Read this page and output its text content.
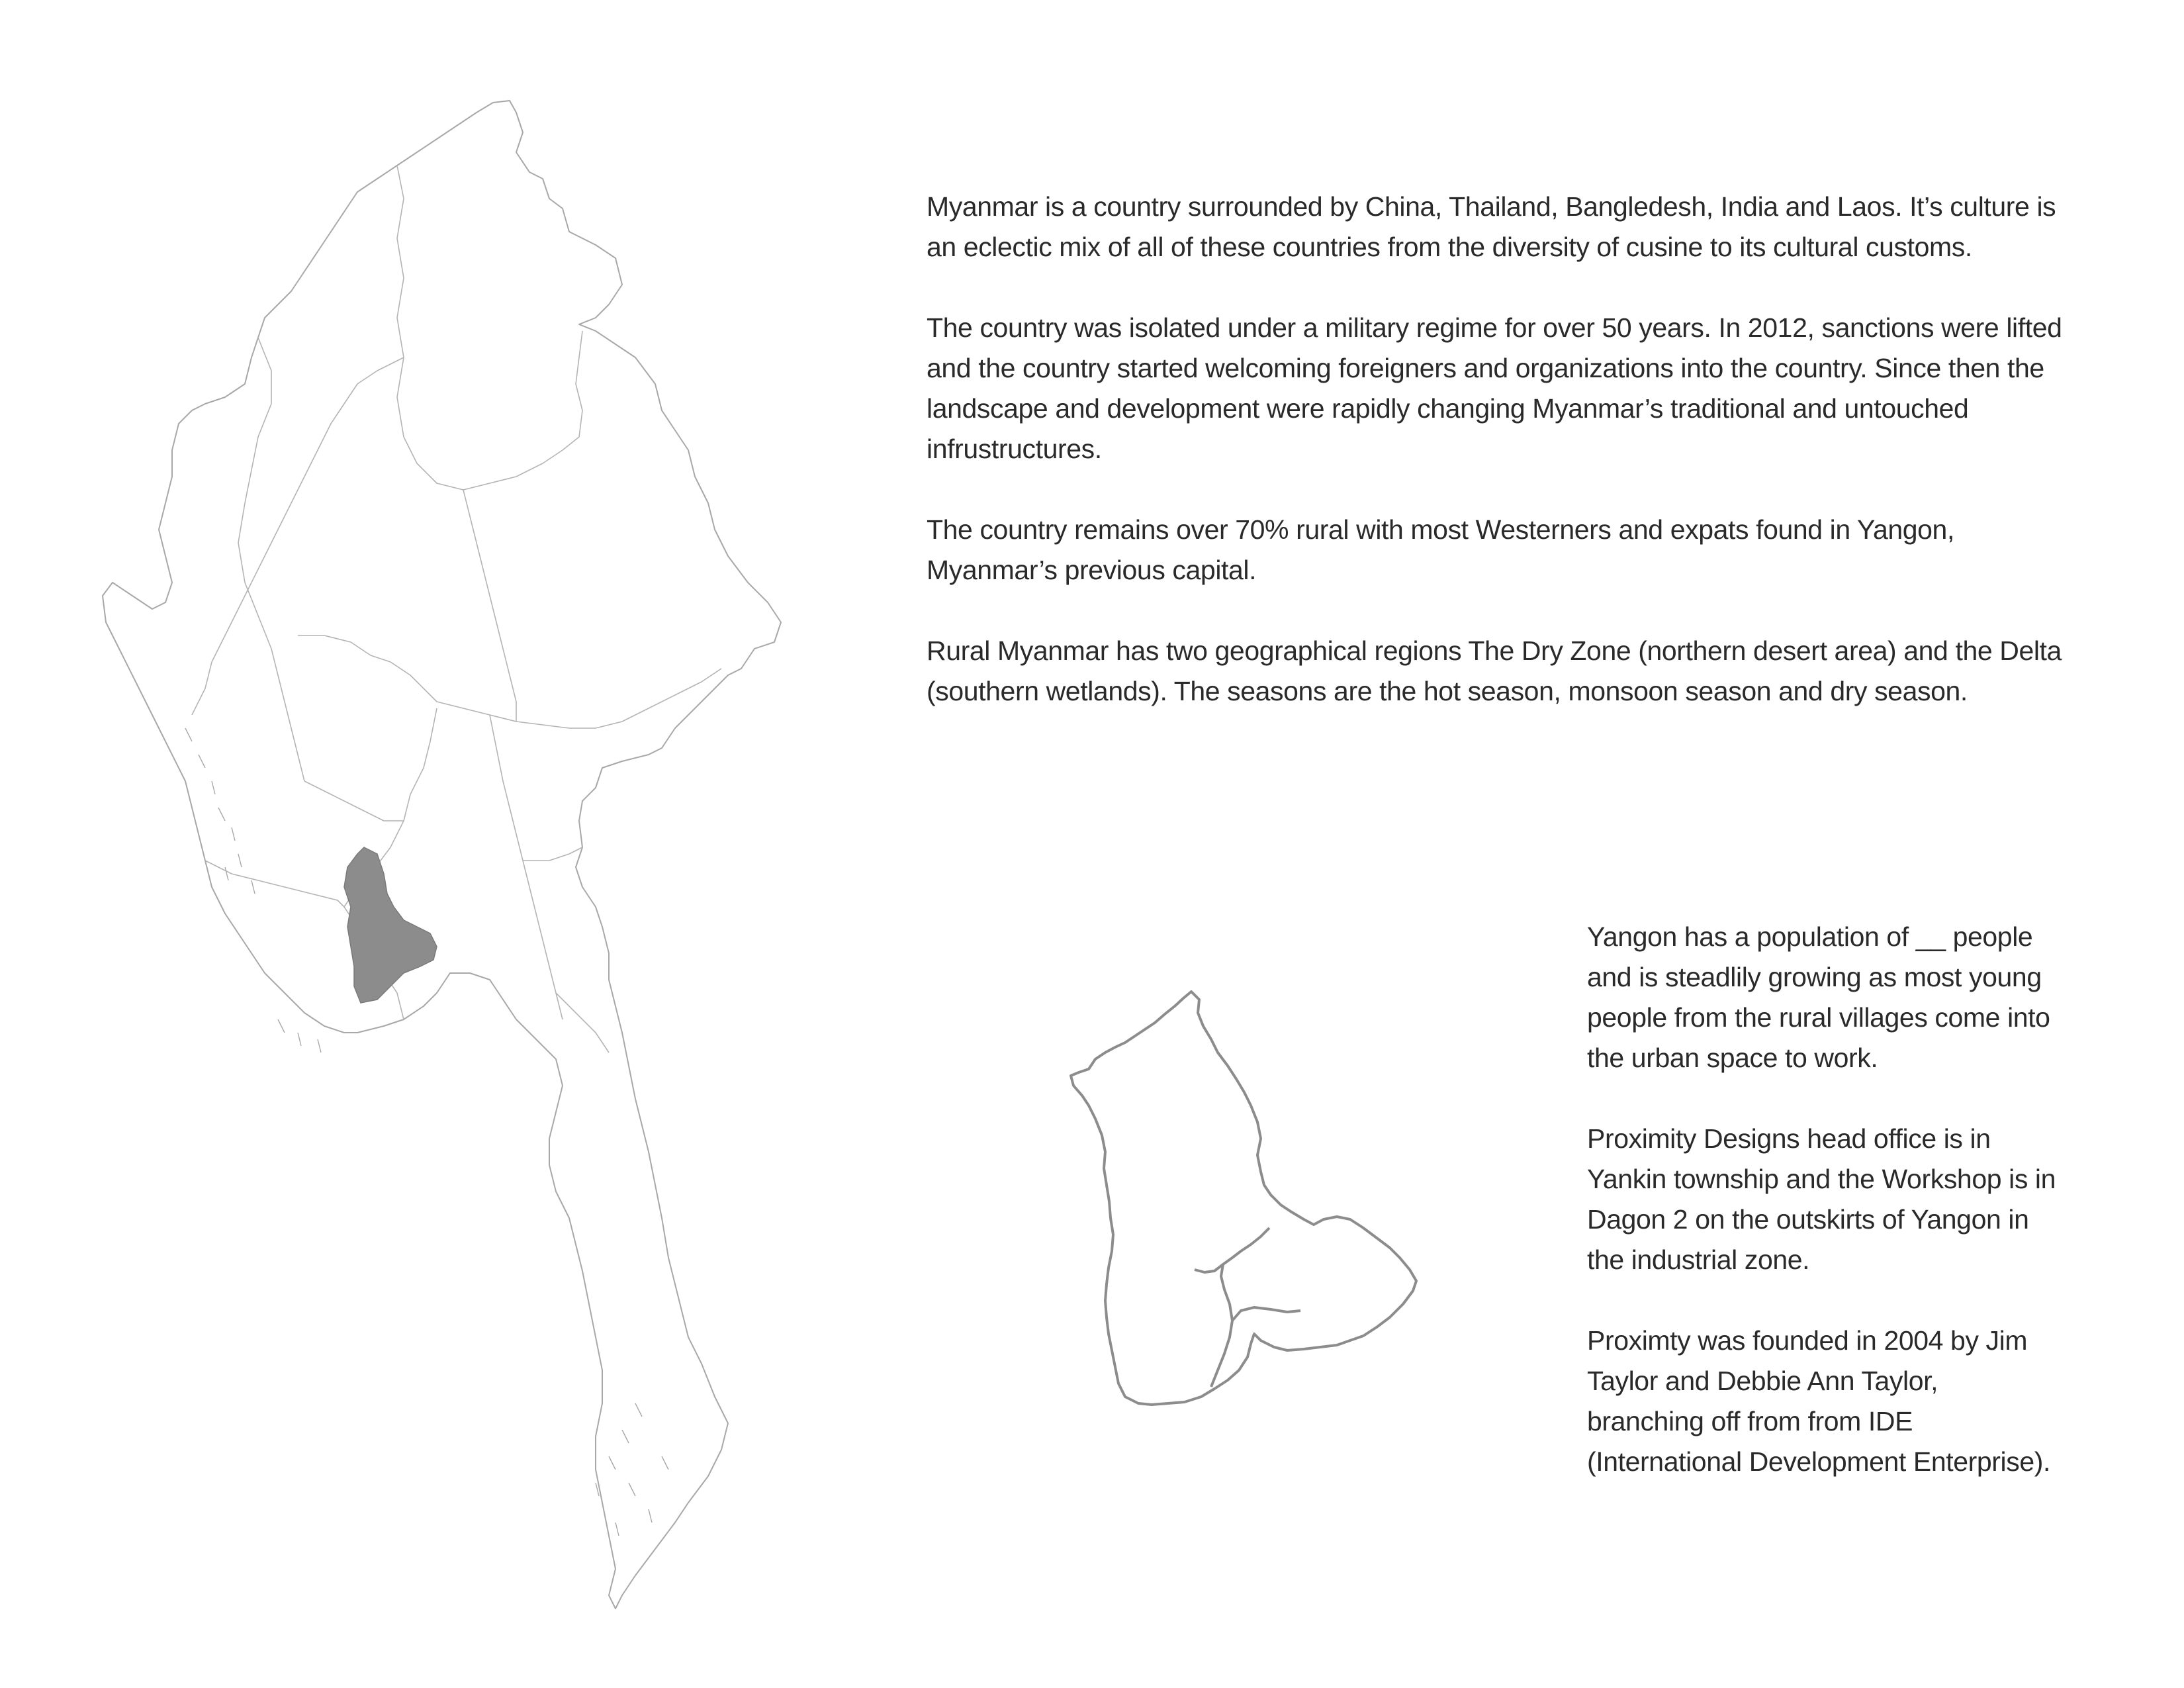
Myanmar is a country surrounded by China, Thailand, Bangledesh, India and Laos. It’s culture is an eclectic mix of all of these countries from the diversity of cusine to its cultural customs.

The country was isolated under a military regime for over 50 years. In 2012, sanctions were lifted and the country started welcoming foreigners and organizations into the country. Since then the landscape and development were rapidly changing Myanmar’s traditional and untouched infrustructures.

The country remains over 70% rural with most Westerners and expats found in Yangon, Myanmar’s previous capital.

Rural Myanmar has two geographical regions The Dry Zone (northern desert area) and the Delta (southern wetlands). The seasons are the hot season, monsoon season and dry season.

Yangon has a population of __ people and is steadlily growing as most young people from the rural villages come into the urban space to work.

Proximity Designs head office is in Yankin township and the Workshop is in Dagon 2 on the outskirts of Yangon in the industrial zone.

Proximty was founded in 2004 by Jim Taylor and Debbie Ann Taylor, branching off from from IDE (International Development Enterprise).
